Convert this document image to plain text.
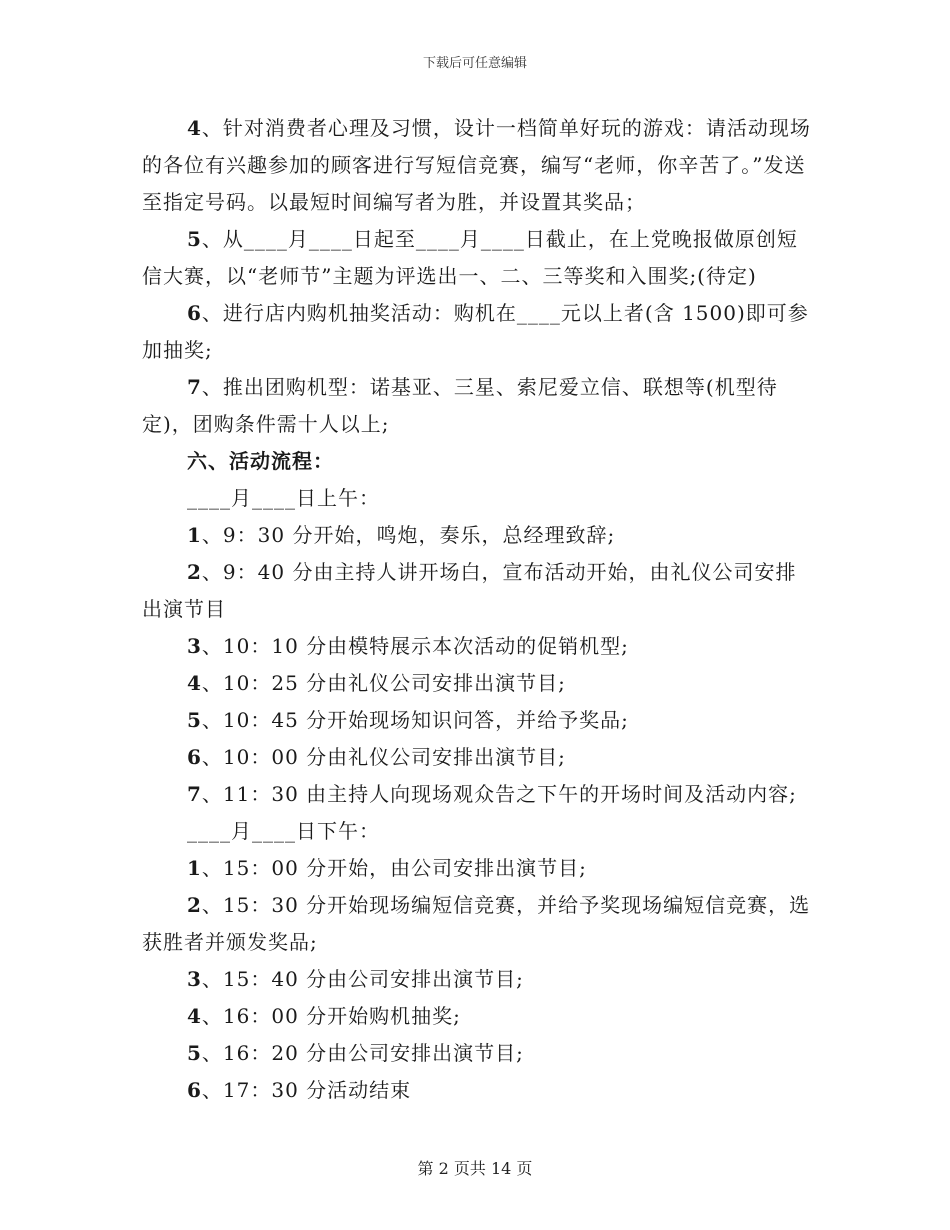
下载后可任意编辑

4、针对消费者心理及习惯，设计一档简单好玩的游戏：请活动现场的各位有兴趣参加的顾客进行写短信竞赛，编写“老师，你辛苦了。”发送至指定号码。以最短时间编写者为胜，并设置其奖品；

5、从____月____日起至____月____日截止，在上党晚报做原创短信大赛，以“老师节”主题为评选出一、二、三等奖和入围奖;(待定)

6、进行店内购机抽奖活动：购机在____元以上者(含 1500)即可参加抽奖;

7、推出团购机型：诺基亚、三星、索尼爱立信、联想等(机型待定)，团购条件需十人以上;

六、活动流程：

____月____日上午：

1、9：30 分开始，鸣炮，奏乐，总经理致辞;

2、9：40 分由主持人讲开场白，宣布活动开始，由礼仪公司安排出演节目

3、10：10 分由模特展示本次活动的促销机型;

4、10：25 分由礼仪公司安排出演节目;

5、10：45 分开始现场知识问答，并给予奖品;

6、10：00 分由礼仪公司安排出演节目;

7、11：30 由主持人向现场观众告之下午的开场时间及活动内容;

____月____日下午：

1、15：00 分开始，由公司安排出演节目;

2、15：30 分开始现场编短信竞赛，并给予奖现场编短信竞赛，选获胜者并颁发奖品;

3、15：40 分由公司安排出演节目;

4、16：00 分开始购机抽奖;

5、16：20 分由公司安排出演节目;

6、17：30 分活动结束

第 2 页共 14 页
